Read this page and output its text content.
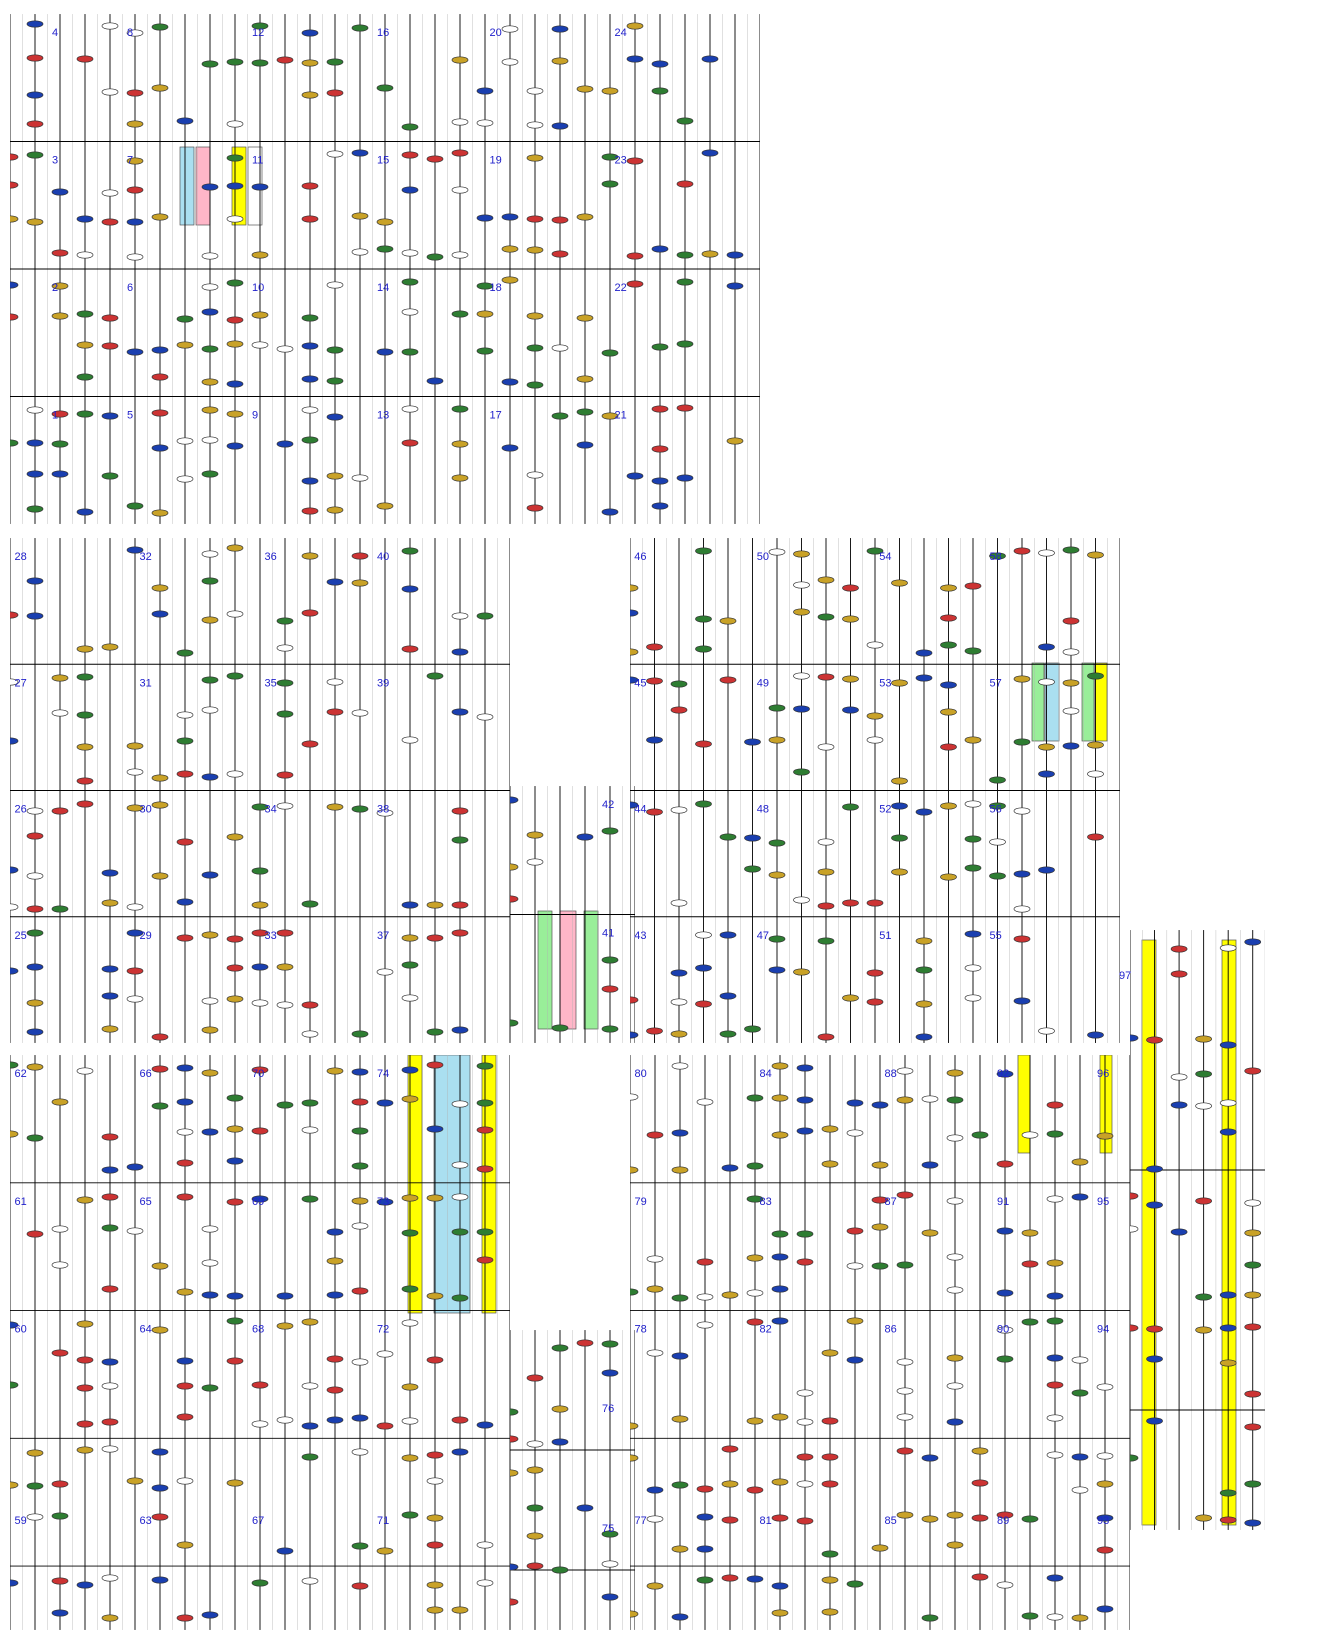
4	8	12	16	20	24
3	7	11	15	19	23
2	6	10	14	18	22
1	5	9	13	17	21
28	32	36	40
27	31	35	39
26	30	34	38
25	29	33	37
42
41
46	50	54	58
45	49	53	57
44	48	52	56
43	47	51	55
62	66	70	74
61	65	69	73
60	64	68	72
59	63	67	71
76
75
80	84	88	92	96
79	83	87	91	95
78	82	86	90	94
77	81	85	89	93
97
